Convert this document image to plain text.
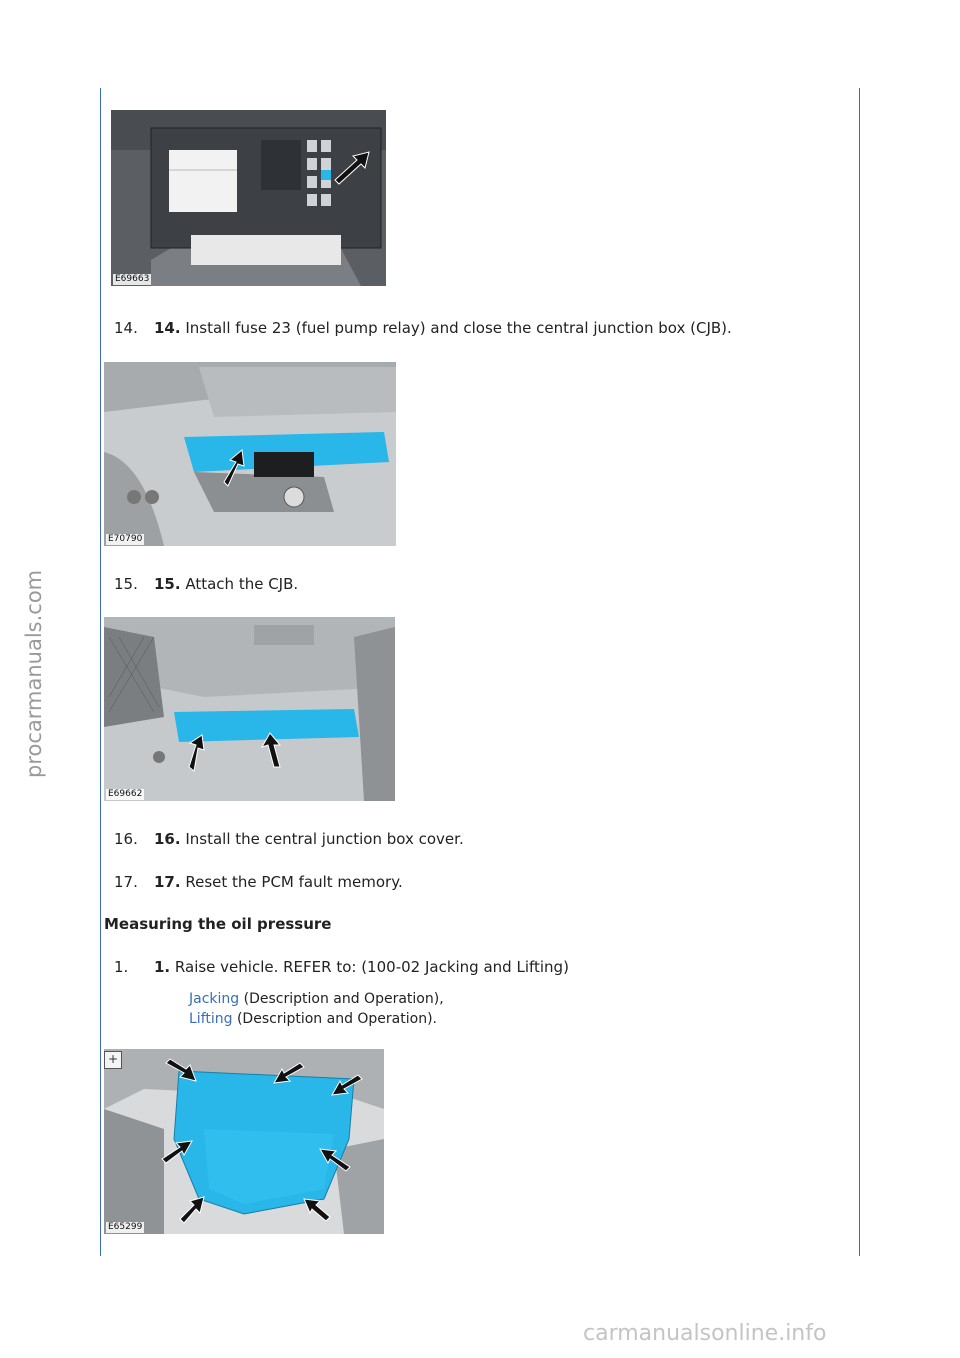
E69663
14. 14. Install fuse 23 (fuel pump relay) and close the central junction box (CJB).
E70790
15. 15. Attach the CJB.
E69662
16. 16. Install the central junction box cover.
17. 17. Reset the PCM fault memory.
Measuring the oil pressure
1. 1. Raise vehicle. REFER to: (100-02 Jacking and Lifting)
Jacking (Description and Operation),
Lifting (Description and Operation).
E65299
+
procarmanuals.com
carmanualsonline.info
